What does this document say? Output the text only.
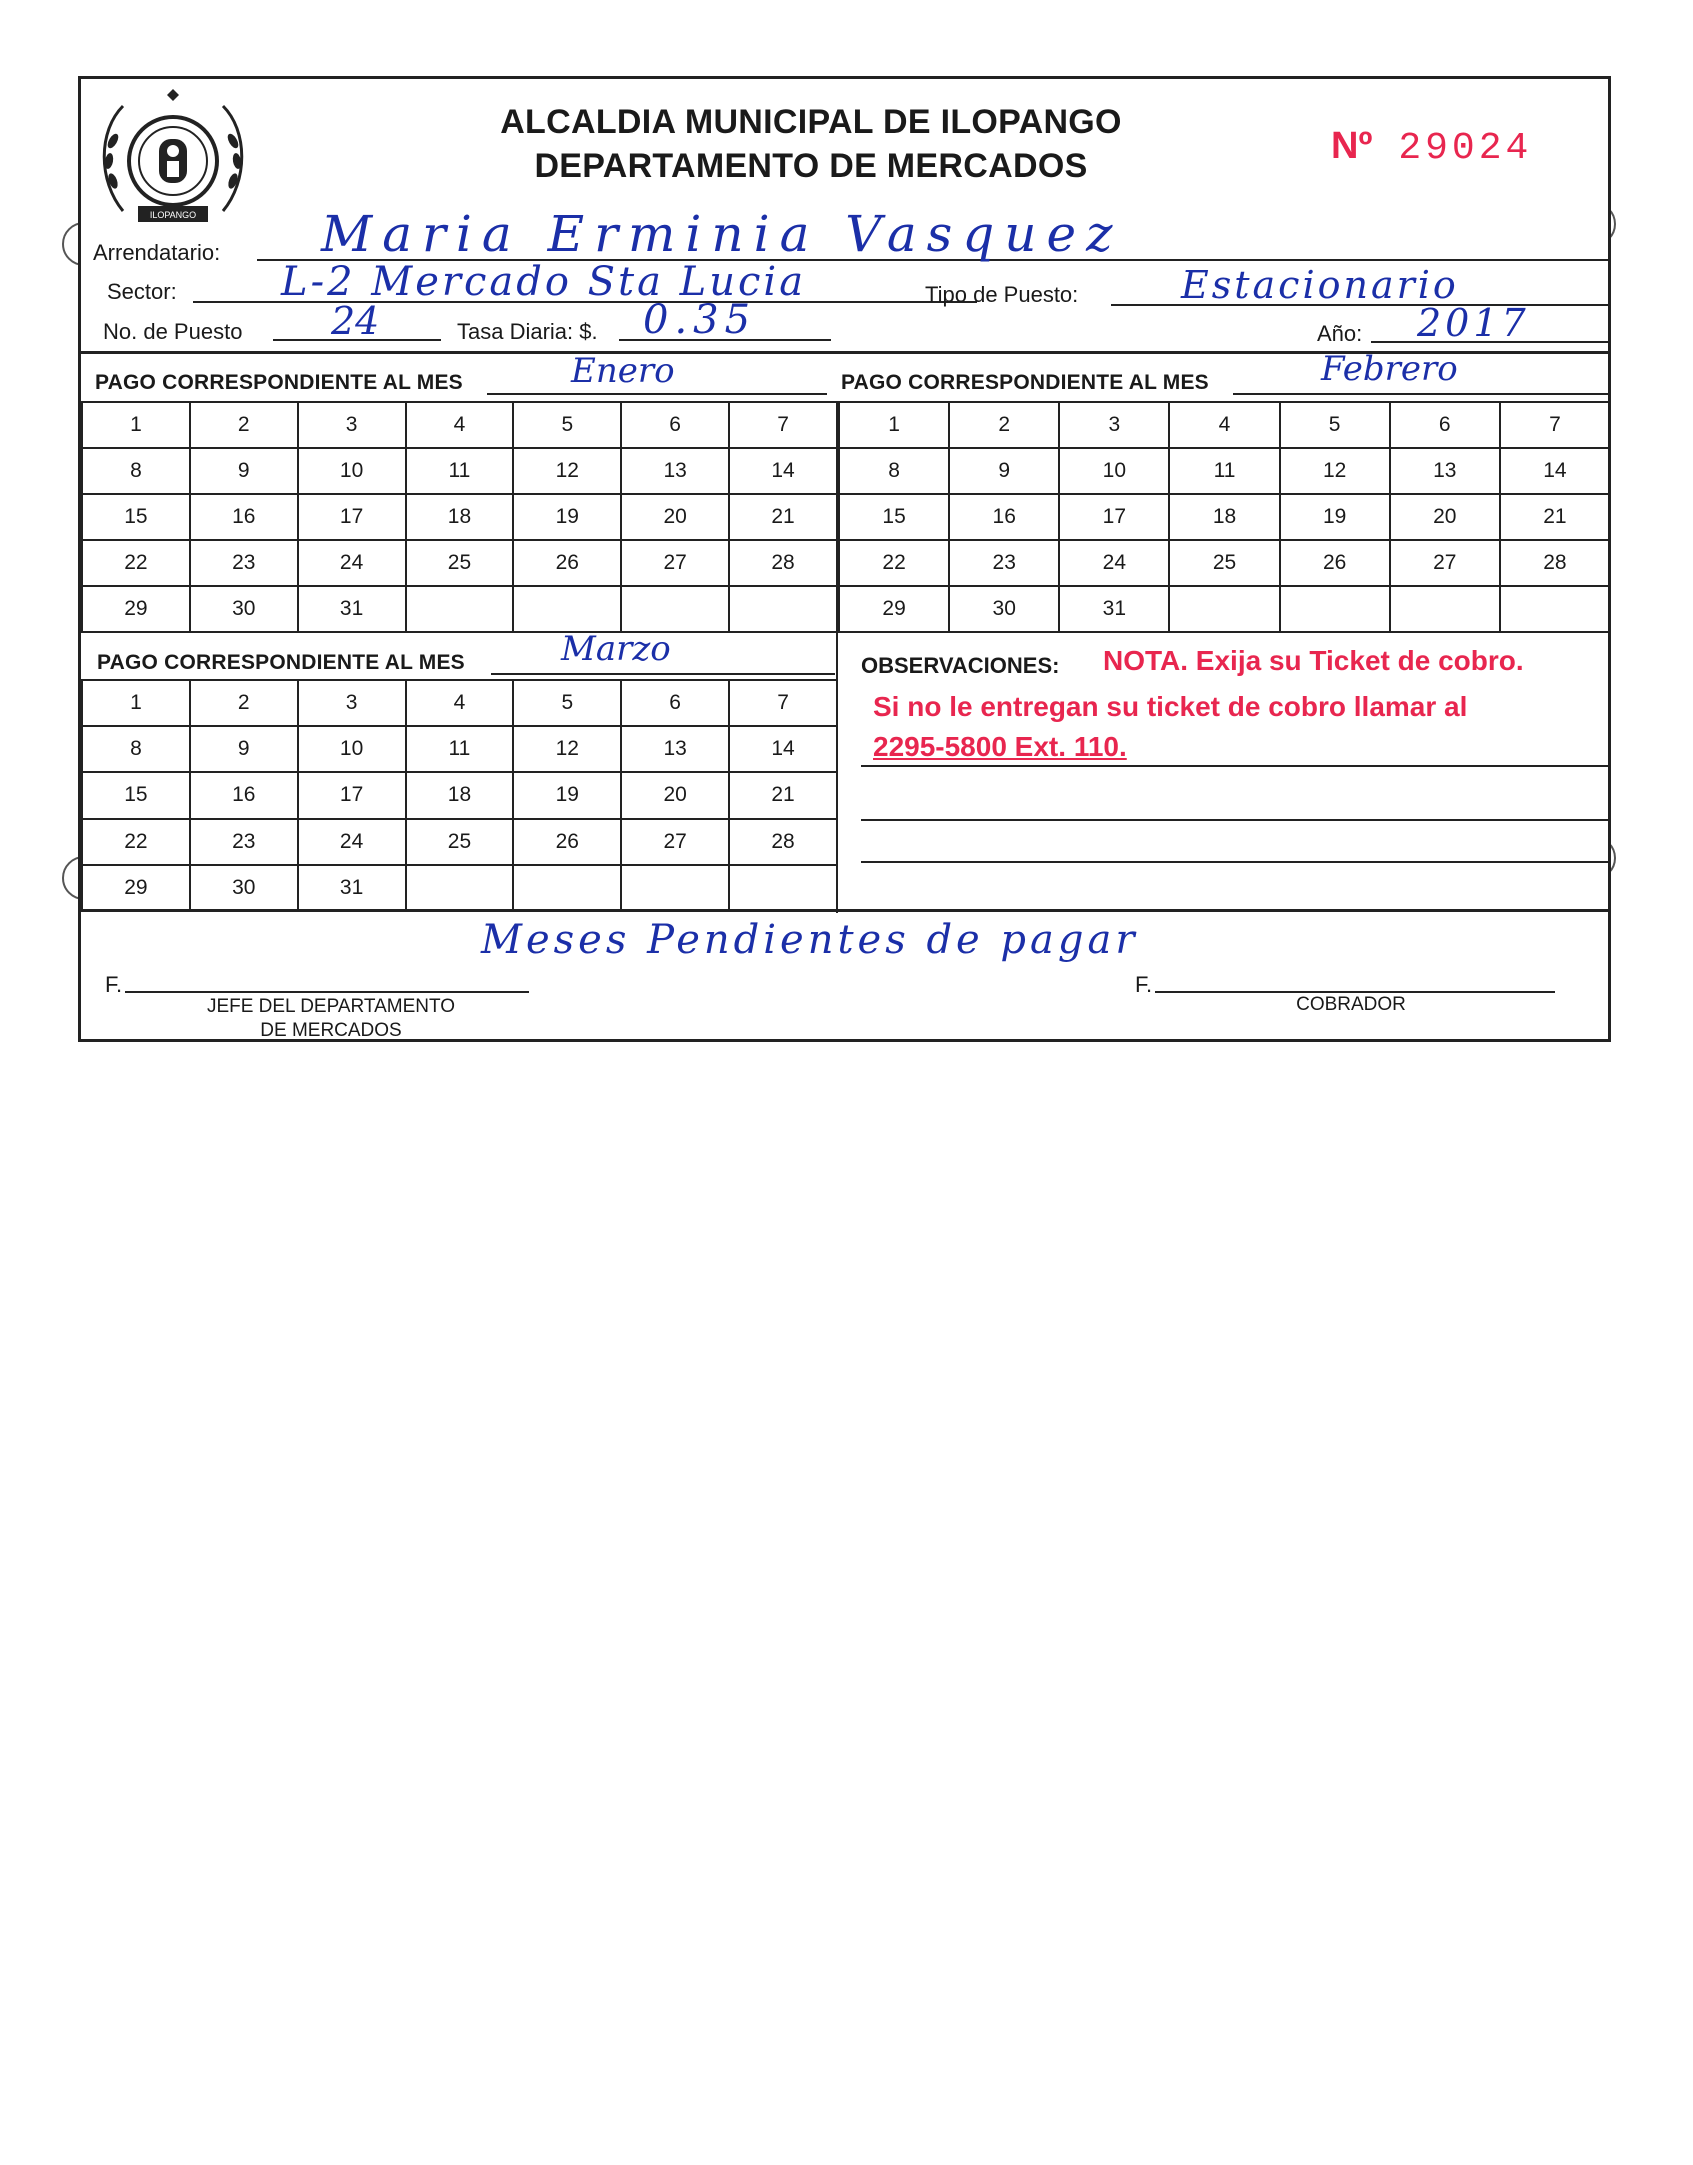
ILOPANGO
ALCALDIA MUNICIPAL DE ILOPANGO
DEPARTAMENTO DE MERCADOS	Nº 29024
Arrendatario: Maria Erminia Vasquez
Sector:	L-2 Mercado Sta Lucia	Tipo de Puesto:	Estacionario
No. de Puesto 24	Tasa Diaria: $. 0.35	Año: 2017
PAGO CORRESPONDIENTE AL MES	Enero	PAGO CORRESPONDIENTE AL MES	Febrero
1	2	3	4	5	6	7
8	9	10	11	12	13	14
15	16	17	18	19	20	21
22	23	24	25	26	27	28
29	30	31				
1	2	3	4	5	6	7
8	9	10	11	12	13	14
15	16	17	18	19	20	21
22	23	24	25	26	27	28
29	30	31				
PAGO CORRESPONDIENTE AL MES	Marzo
1	2	3	4	5	6	7
8	9	10	11	12	13	14
15	16	17	18	19	20	21
22	23	24	25	26	27	28
29	30	31				
OBSERVACIONES: NOTA. Exija su Ticket de cobro.
Si no le entregan su ticket de cobro llamar al
2295-5800 Ext. 110.
Meses Pendientes de pagar
F.
JEFE DEL DEPARTAMENTO
DE MERCADOS
F.
COBRADOR
